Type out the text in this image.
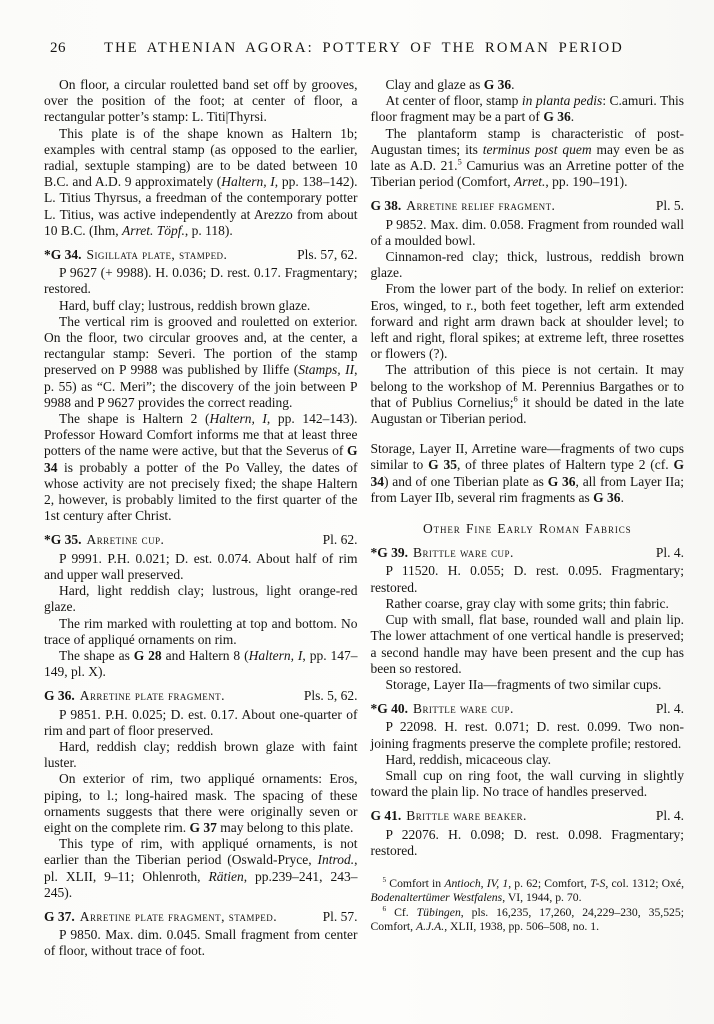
26	THE ATHENIAN AGORA: POTTERY OF THE ROMAN PERIOD

On floor, a circular rouletted band set off by grooves, over the position of the foot; at center of floor, a rectangular potter’s stamp: L. Titi|Thyrsi.

This plate is of the shape known as Haltern 1b; examples with central stamp (as opposed to the earlier, radial, sextuple stamping) are to be dated between 10 B.C. and A.D. 9 approximately (Haltern, I, pp. 138–142). L. Titius Thyrsus, a freedman of the contemporary potter L. Titius, was active independently at Arezzo from about 10 B.C. (Ihm, Arret. Töpf., p. 118).

*G 34. Sigillata plate, stamped.	Pls. 57, 62.

P 9627 (+ 9988). H. 0.036; D. rest. 0.17. Fragmentary; restored.

Hard, buff clay; lustrous, reddish brown glaze.

The vertical rim is grooved and rouletted on exterior. On the floor, two circular grooves and, at the center, a rectangular stamp: Severi. The portion of the stamp preserved on P 9988 was published by Iliffe (Stamps, II, p. 55) as “C. Meri”; the discovery of the join between P 9988 and P 9627 provides the correct reading.

The shape is Haltern 2 (Haltern, I, pp. 142–143). Professor Howard Comfort informs me that at least three potters of the name were active, but that the Severus of G 34 is probably a potter of the Po Valley, the dates of whose activity are not precisely fixed; the shape Haltern 2, however, is probably limited to the first quarter of the 1st century after Christ.

*G 35. Arretine cup.	Pl. 62.

P 9991. P.H. 0.021; D. est. 0.074. About half of rim and upper wall preserved.

Hard, light reddish clay; lustrous, light orange-red glaze.

The rim marked with rouletting at top and bottom. No trace of appliqué ornaments on rim.

The shape as G 28 and Haltern 8 (Haltern, I, pp. 147–149, pl. X).

G 36. Arretine plate fragment.	Pls. 5, 62.

P 9851. P.H. 0.025; D. est. 0.17. About one-quarter of rim and part of floor preserved.

Hard, reddish clay; reddish brown glaze with faint luster.

On exterior of rim, two appliqué ornaments: Eros, piping, to l.; long-haired mask. The spacing of these ornaments suggests that there were originally seven or eight on the complete rim. G 37 may belong to this plate.

This type of rim, with appliqué ornaments, is not earlier than the Tiberian period (Oswald-Pryce, Introd., pl. XLII, 9–11; Ohlenroth, Rätien, pp.239–241, 243–245).

G 37. Arretine plate fragment, stamped.	Pl. 57.

P 9850. Max. dim. 0.045. Small fragment from center of floor, without trace of foot.

Clay and glaze as G 36.

At center of floor, stamp in planta pedis: C.amuri. This floor fragment may be a part of G 36.

The plantaform stamp is characteristic of post-Augustan times; its terminus post quem may even be as late as A.D. 21.$^5$ Camurius was an Arretine potter of the Tiberian period (Comfort, Arret., pp. 190–191).

G 38. Arretine relief fragment.	Pl. 5.

P 9852. Max. dim. 0.058. Fragment from rounded wall of a moulded bowl.

Cinnamon-red clay; thick, lustrous, reddish brown glaze.

From the lower part of the body. In relief on exterior: Eros, winged, to r., both feet together, left arm extended forward and right arm drawn back at shoulder level; to left and right, floral spikes; at extreme left, three rosettes or flowers (?).

The attribution of this piece is not certain. It may belong to the workshop of M. Perennius Bargathes or to that of Publius Cornelius;$^6$ it should be dated in the late Augustan or Tiberian period.

Storage, Layer II, Arretine ware—fragments of two cups similar to G 35, of three plates of Haltern type 2 (cf. G 34) and of one Tiberian plate as G 36, all from Layer IIa; from Layer IIb, several rim fragments as G 36.

Other Fine Early Roman Fabrics
*G 39. Brittle ware cup.	Pl. 4.

P 11520. H. 0.055; D. rest. 0.095. Fragmentary; restored.

Rather coarse, gray clay with some grits; thin fabric.

Cup with small, flat base, rounded wall and plain lip. The lower attachment of one vertical handle is preserved; a second handle may have been present and the cup has been so restored.

Storage, Layer IIa—fragments of two similar cups.

*G 40. Brittle ware cup.	Pl. 4.

P 22098. H. rest. 0.071; D. rest. 0.099. Two non-joining fragments preserve the complete profile; restored.

Hard, reddish, micaceous clay.

Small cup on ring foot, the wall curving in slightly toward the plain lip. No trace of handles preserved.

G 41. Brittle ware beaker.	Pl. 4.

P 22076. H. 0.098; D. rest. 0.098. Fragmentary; restored.

$^5$ Comfort in Antioch, IV, 1, p. 62; Comfort, T-S, col. 1312; Oxé, Bodenaltertümer Westfalens, VI, 1944, p. 70.

$^6$ Cf. Tübingen, pls. 16,235, 17,260, 24,229–230, 35,525; Comfort, A.J.A., XLII, 1938, pp. 506–508, no. 1.
